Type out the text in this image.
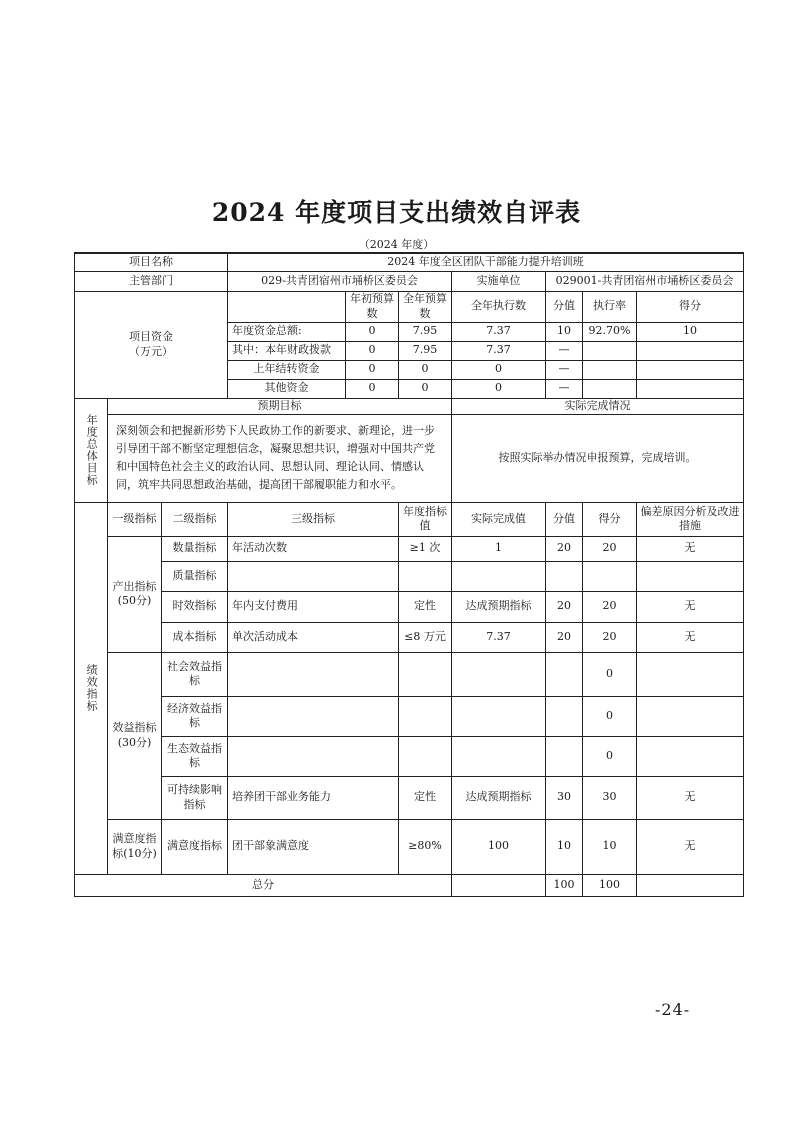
2024 年度项目支出绩效自评表
（2024 年度）
项目名称			2024 年度全区团队干部能力提升培训班						
主管部门			029-共青团宿州市埇桥区委员会			实施单位	029001-共青团宿州市埇桥区委员会		

项目资金
（万元）				年初预算数	全年预算数	全年执行数	分值	执行率	得分
			年度资金总额:	0	7.95	7.37	10	92.70%	10
			其中：本年财政拨款	0	7.95	7.37	—		
			上年结转资金	0	0	0	—		
			其他资金	0	0	0	—		

年度总体目标	预期目标					实际完成情况			
	深刻领会和把握新形势下人民政协工作的新要求、新理论，进一步引导团干部不断坚定理想信念，凝聚思想共识，增强对中国共产党和中国特色社会主义的政治认同、思想认同、理论认同、情感认同，筑牢共同思想政治基础，提高团干部履职能力和水平。					按照实际举办情况申报预算，完成培训。			

绩效指标	一级指标	二级指标	三级指标		年度指标值	实际完成值	分值	得分	偏差原因分析及改进措施
	产出指标(50分)	数量指标	年活动次数		≥1 次	1	20	20	无
		质量指标							
		时效指标	年内支付费用		定性	达成预期指标	20	20	无
		成本指标	单次活动成本		≤8 万元	7.37	20	20	无
	效益指标(30分)	社会效益指标						0	
		经济效益指标						0	
		生态效益指标						0	
		可持续影响指标	培养团干部业务能力		定性	达成预期指标	30	30	无
	满意度指标(10分)	满意度指标	团干部象满意度		≥80%	100	10	10	无
总分							100	100	
-24-
